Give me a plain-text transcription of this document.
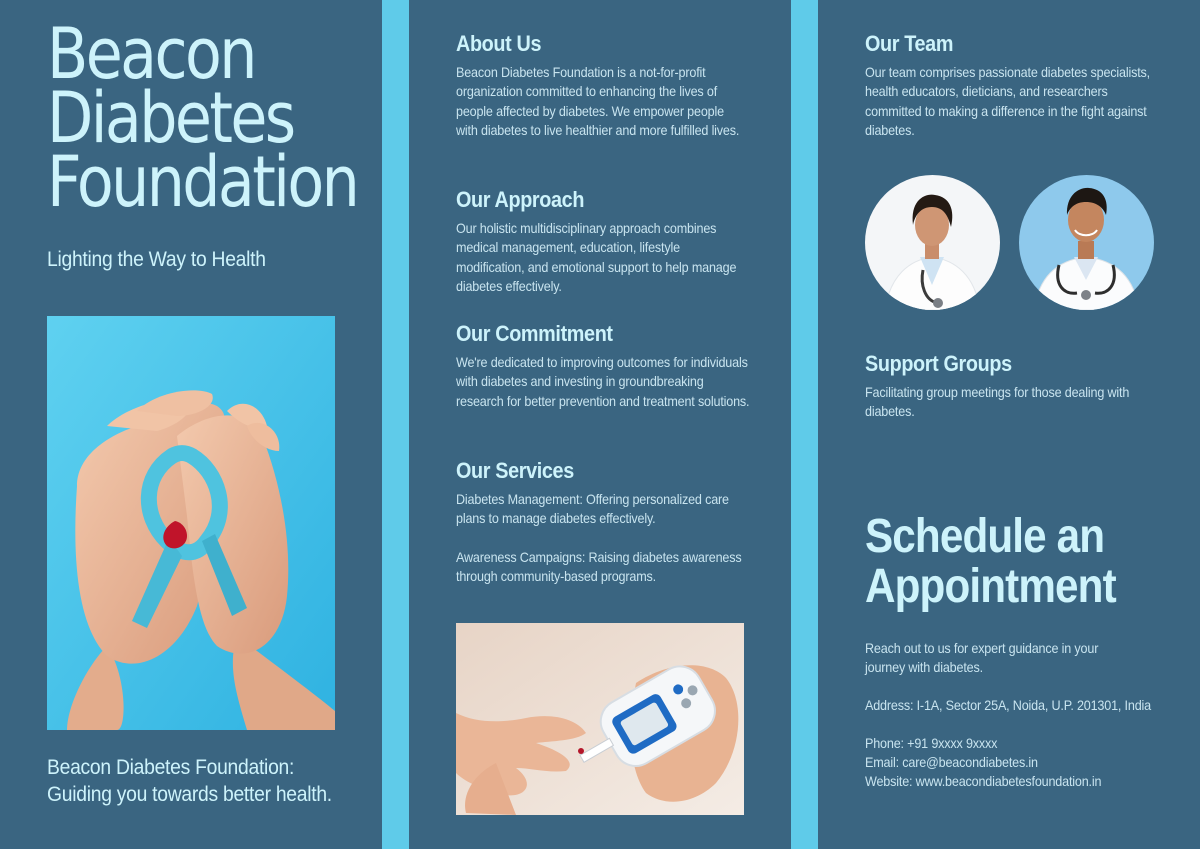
Beacon
Diabetes
Foundation
Lighting the Way to Health
Beacon Diabetes Foundation:
Guiding you towards better health.
About Us

Beacon Diabetes Foundation is a not-for-profit organization committed to enhancing the lives of people affected by diabetes. We empower people with diabetes to live healthier and more fulfilled lives.

Our Approach

Our holistic multidisciplinary approach combines medical management, education, lifestyle modification, and emotional support to help manage diabetes effectively.

Our Commitment

We're dedicated to improving outcomes for individuals with diabetes and investing in groundbreaking research for better prevention and treatment solutions.

Our Services

Diabetes Management: Offering personalized care plans to manage diabetes effectively.

Awareness Campaigns: Raising diabetes awareness through community-based programs.

Our Team

Our team comprises passionate diabetes specialists, health educators, dieticians, and researchers committed to making a difference in the fight against diabetes.

Support Groups

Facilitating group meetings for those dealing with diabetes.

Schedule an
Appointment

Reach out to us for expert guidance in your journey with diabetes.

Address: I-1A, Sector 25A, Noida, U.P. 201301, India

Phone: +91 9xxxx 9xxxx

Email: care@beacondiabetes.in

Website: www.beacondiabetesfoundation.in
